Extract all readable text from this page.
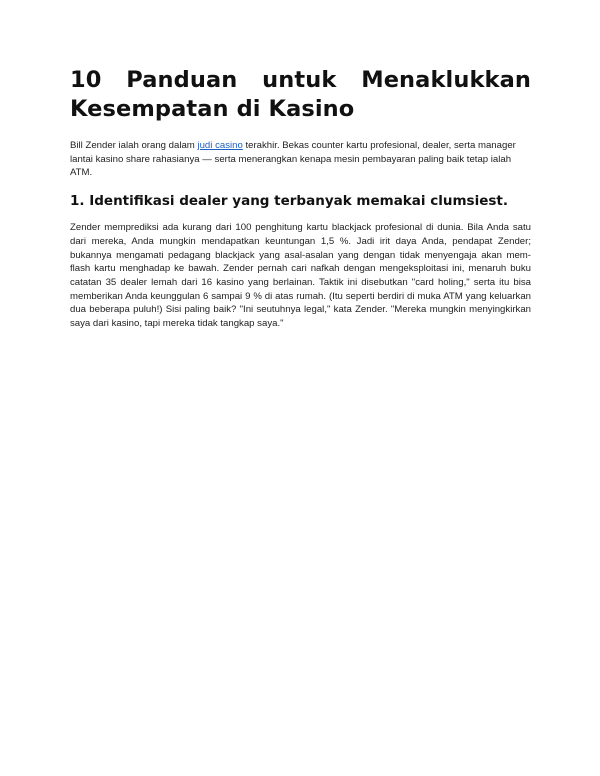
10 Panduan untuk Menaklukkan Kesempatan di Kasino

Bill Zender ialah orang dalam judi casino terakhir. Bekas counter kartu profesional, dealer, serta manager lantai kasino share rahasianya — serta menerangkan kenapa mesin pembayaran paling baik tetap ialah ATM.

1. Identifikasi dealer yang terbanyak memakai clumsiest.

Zender memprediksi ada kurang dari 100 penghitung kartu blackjack profesional di dunia. Bila Anda satu dari mereka, Anda mungkin mendapatkan keuntungan 1,5 %. Jadi irit daya Anda, pendapat Zender; bukannya mengamati pedagang blackjack yang asal-asalan yang dengan tidak menyengaja akan mem-flash kartu menghadap ke bawah. Zender pernah cari nafkah dengan mengeksploitasi ini, menaruh buku catatan 35 dealer lemah dari 16 kasino yang berlainan. Taktik ini disebutkan "card holing," serta itu bisa memberikan Anda keunggulan 6 sampai 9 % di atas rumah. (Itu seperti berdiri di muka ATM yang keluarkan dua beberapa puluh!) Sisi paling baik? "Ini seutuhnya legal," kata Zender. "Mereka mungkin menyingkirkan saya dari kasino, tapi mereka tidak tangkap saya."
